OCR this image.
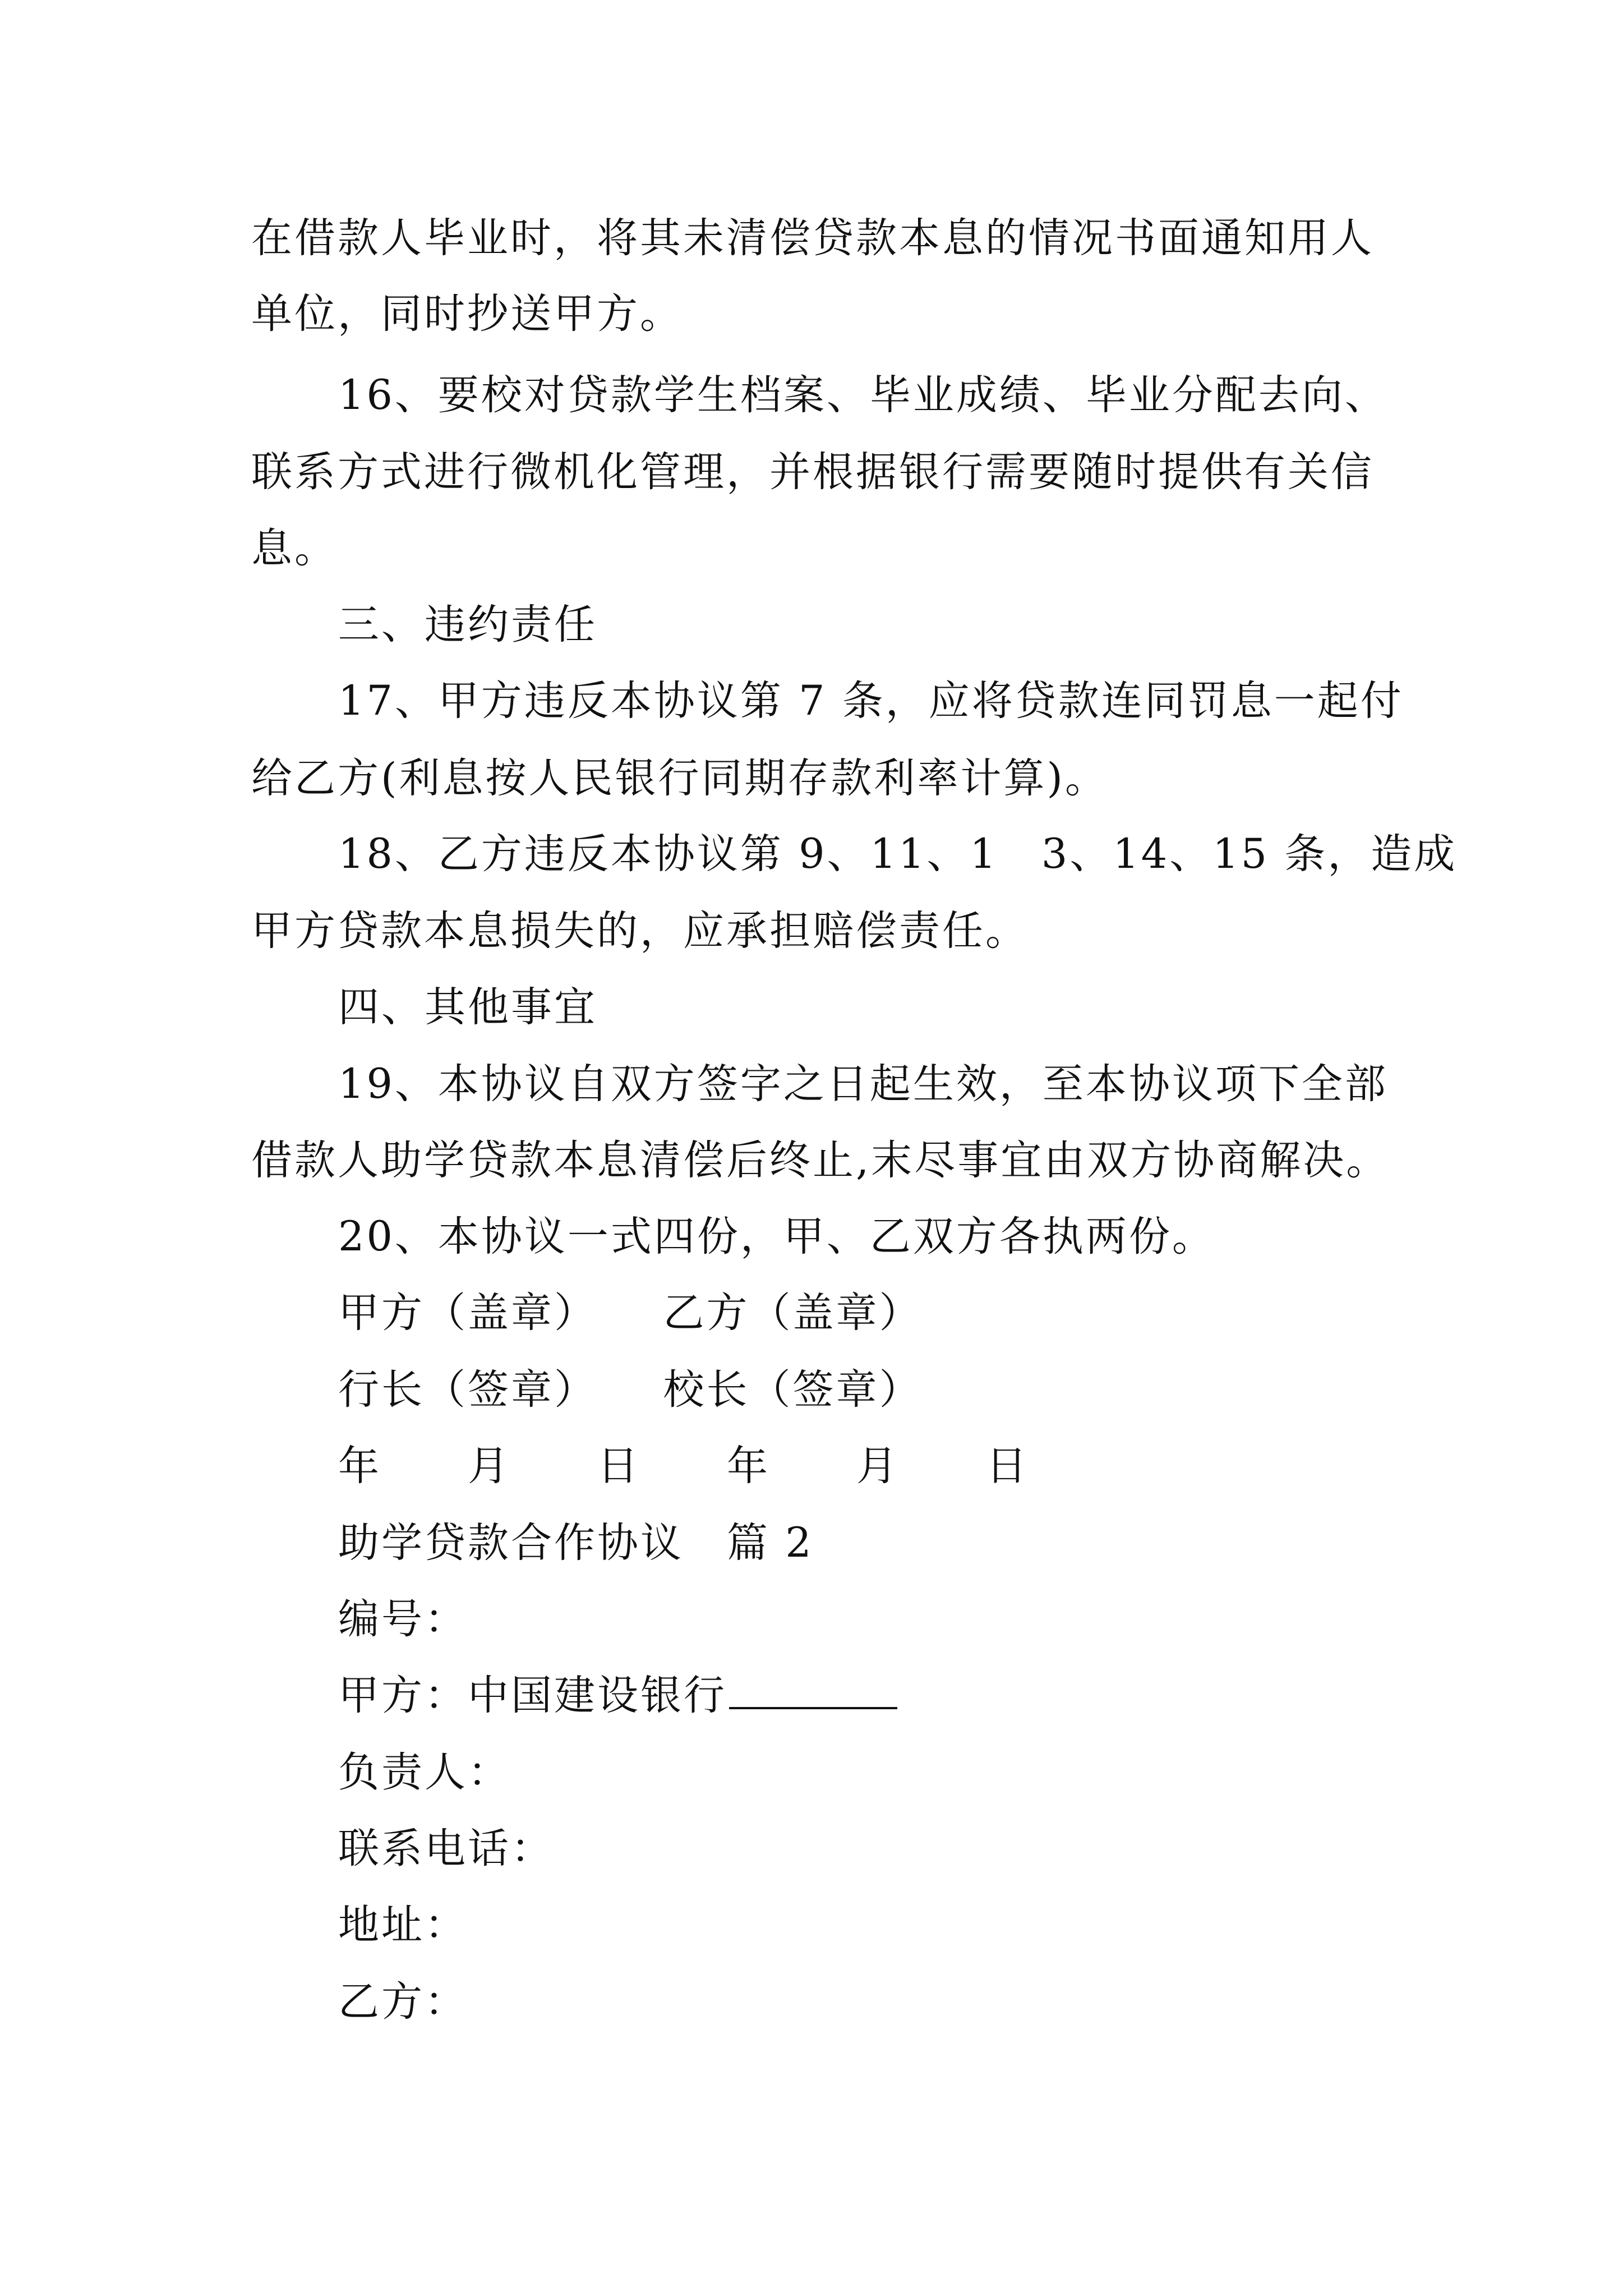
在借款人毕业时，将其未清偿贷款本息的情况书面通知用人
单位，同时抄送甲方。
16、要校对贷款学生档案、毕业成绩、毕业分配去向、
联系方式进行微机化管理，并根据银行需要随时提供有关信
息。
三、违约责任
17、甲方违反本协议第 7 条，应将贷款连同罚息一起付
给乙方(利息按人民银行同期存款利率计算)。
18、乙方违反本协议第 9、11、1　3、14、15 条，造成
甲方贷款本息损失的，应承担赔偿责任。
四、其他事宜
19、本协议自双方签字之日起生效，至本协议项下全部
借款人助学贷款本息清偿后终止,末尽事宜由双方协商解决。
20、本协议一式四份，甲、乙双方各执两份。
甲方（盖章）　　乙方（盖章）
行长（签章）　　校长（签章）
年　　月　　日　　年　　月　　日
助学贷款合作协议　篇 2
编号：
甲方：中国建设银行
负责人：
联系电话：
地址：
乙方：
